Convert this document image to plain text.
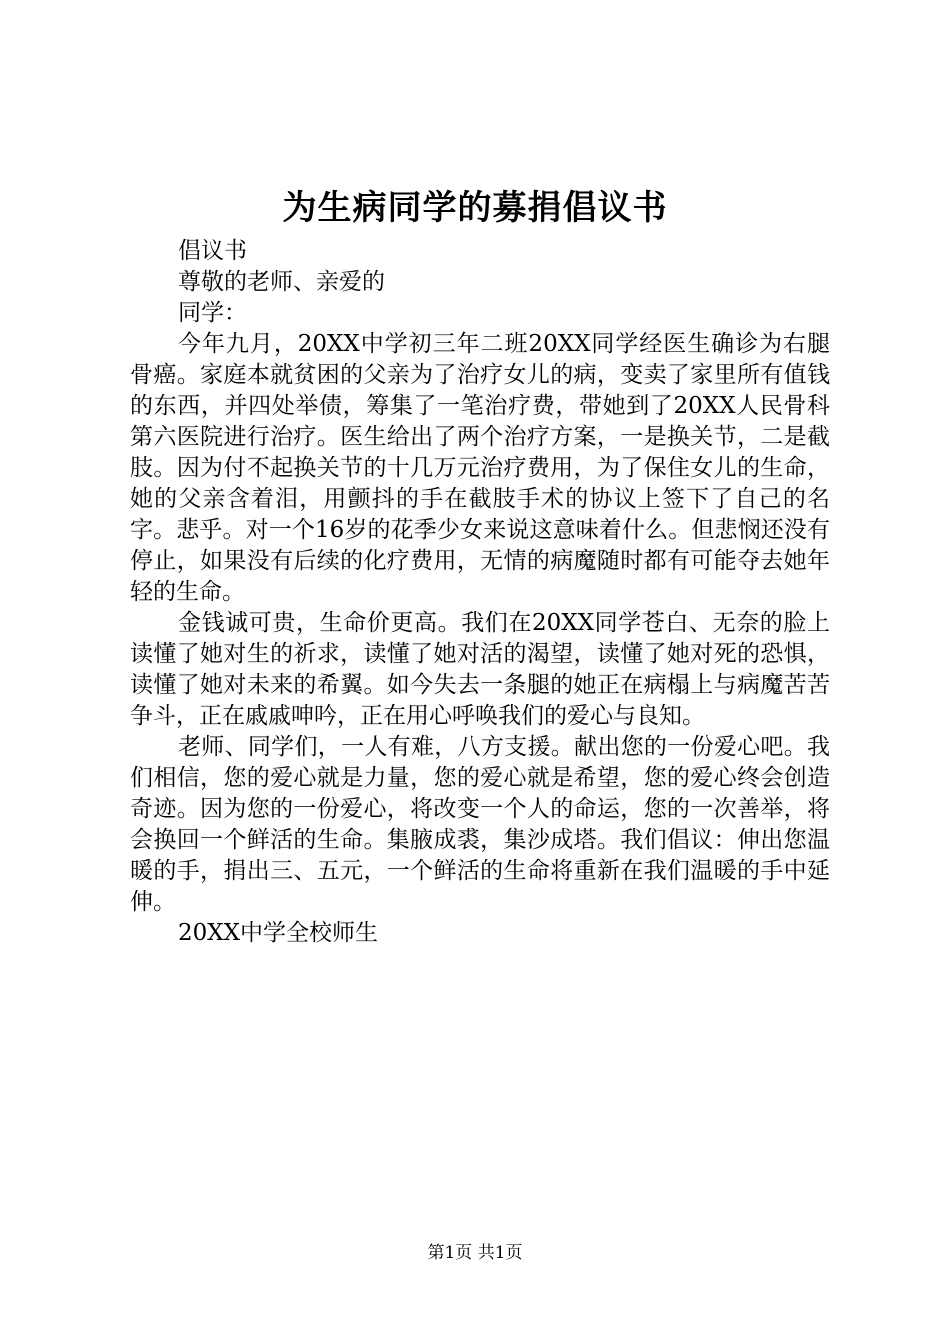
为生病同学的募捐倡议书
倡议书
尊敬的老师、亲爱的
同学：

今年九月，20XX中学初三年二班20XX同学经医生确诊为右腿骨癌。家庭本就贫困的父亲为了治疗女儿的病，变卖了家里所有值钱的东西，并四处举债，筹集了一笔治疗费，带她到了20XX人民骨科第六医院进行治疗。医生给出了两个治疗方案，一是换关节，二是截肢。因为付不起换关节的十几万元治疗费用，为了保住女儿的生命，她的父亲含着泪，用颤抖的手在截肢手术的协议上签下了自己的名字。悲乎。对一个16岁的花季少女来说这意味着什么。但悲悯还没有停止，如果没有后续的化疗费用，无情的病魔随时都有可能夺去她年轻的生命。

金钱诚可贵，生命价更高。我们在20XX同学苍白、无奈的脸上读懂了她对生的祈求，读懂了她对活的渴望，读懂了她对死的恐惧，读懂了她对未来的希翼。如今失去一条腿的她正在病榻上与病魔苦苦争斗，正在戚戚呻吟，正在用心呼唤我们的爱心与良知。

老师、同学们，一人有难，八方支援。献出您的一份爱心吧。我们相信，您的爱心就是力量，您的爱心就是希望，您的爱心终会创造奇迹。因为您的一份爱心，将改变一个人的命运，您的一次善举，将会换回一个鲜活的生命。集腋成裘，集沙成塔。我们倡议：伸出您温暖的手，捐出三、五元，一个鲜活的生命将重新在我们温暖的手中延伸。

20XX中学全校师生
第1页 共1页
